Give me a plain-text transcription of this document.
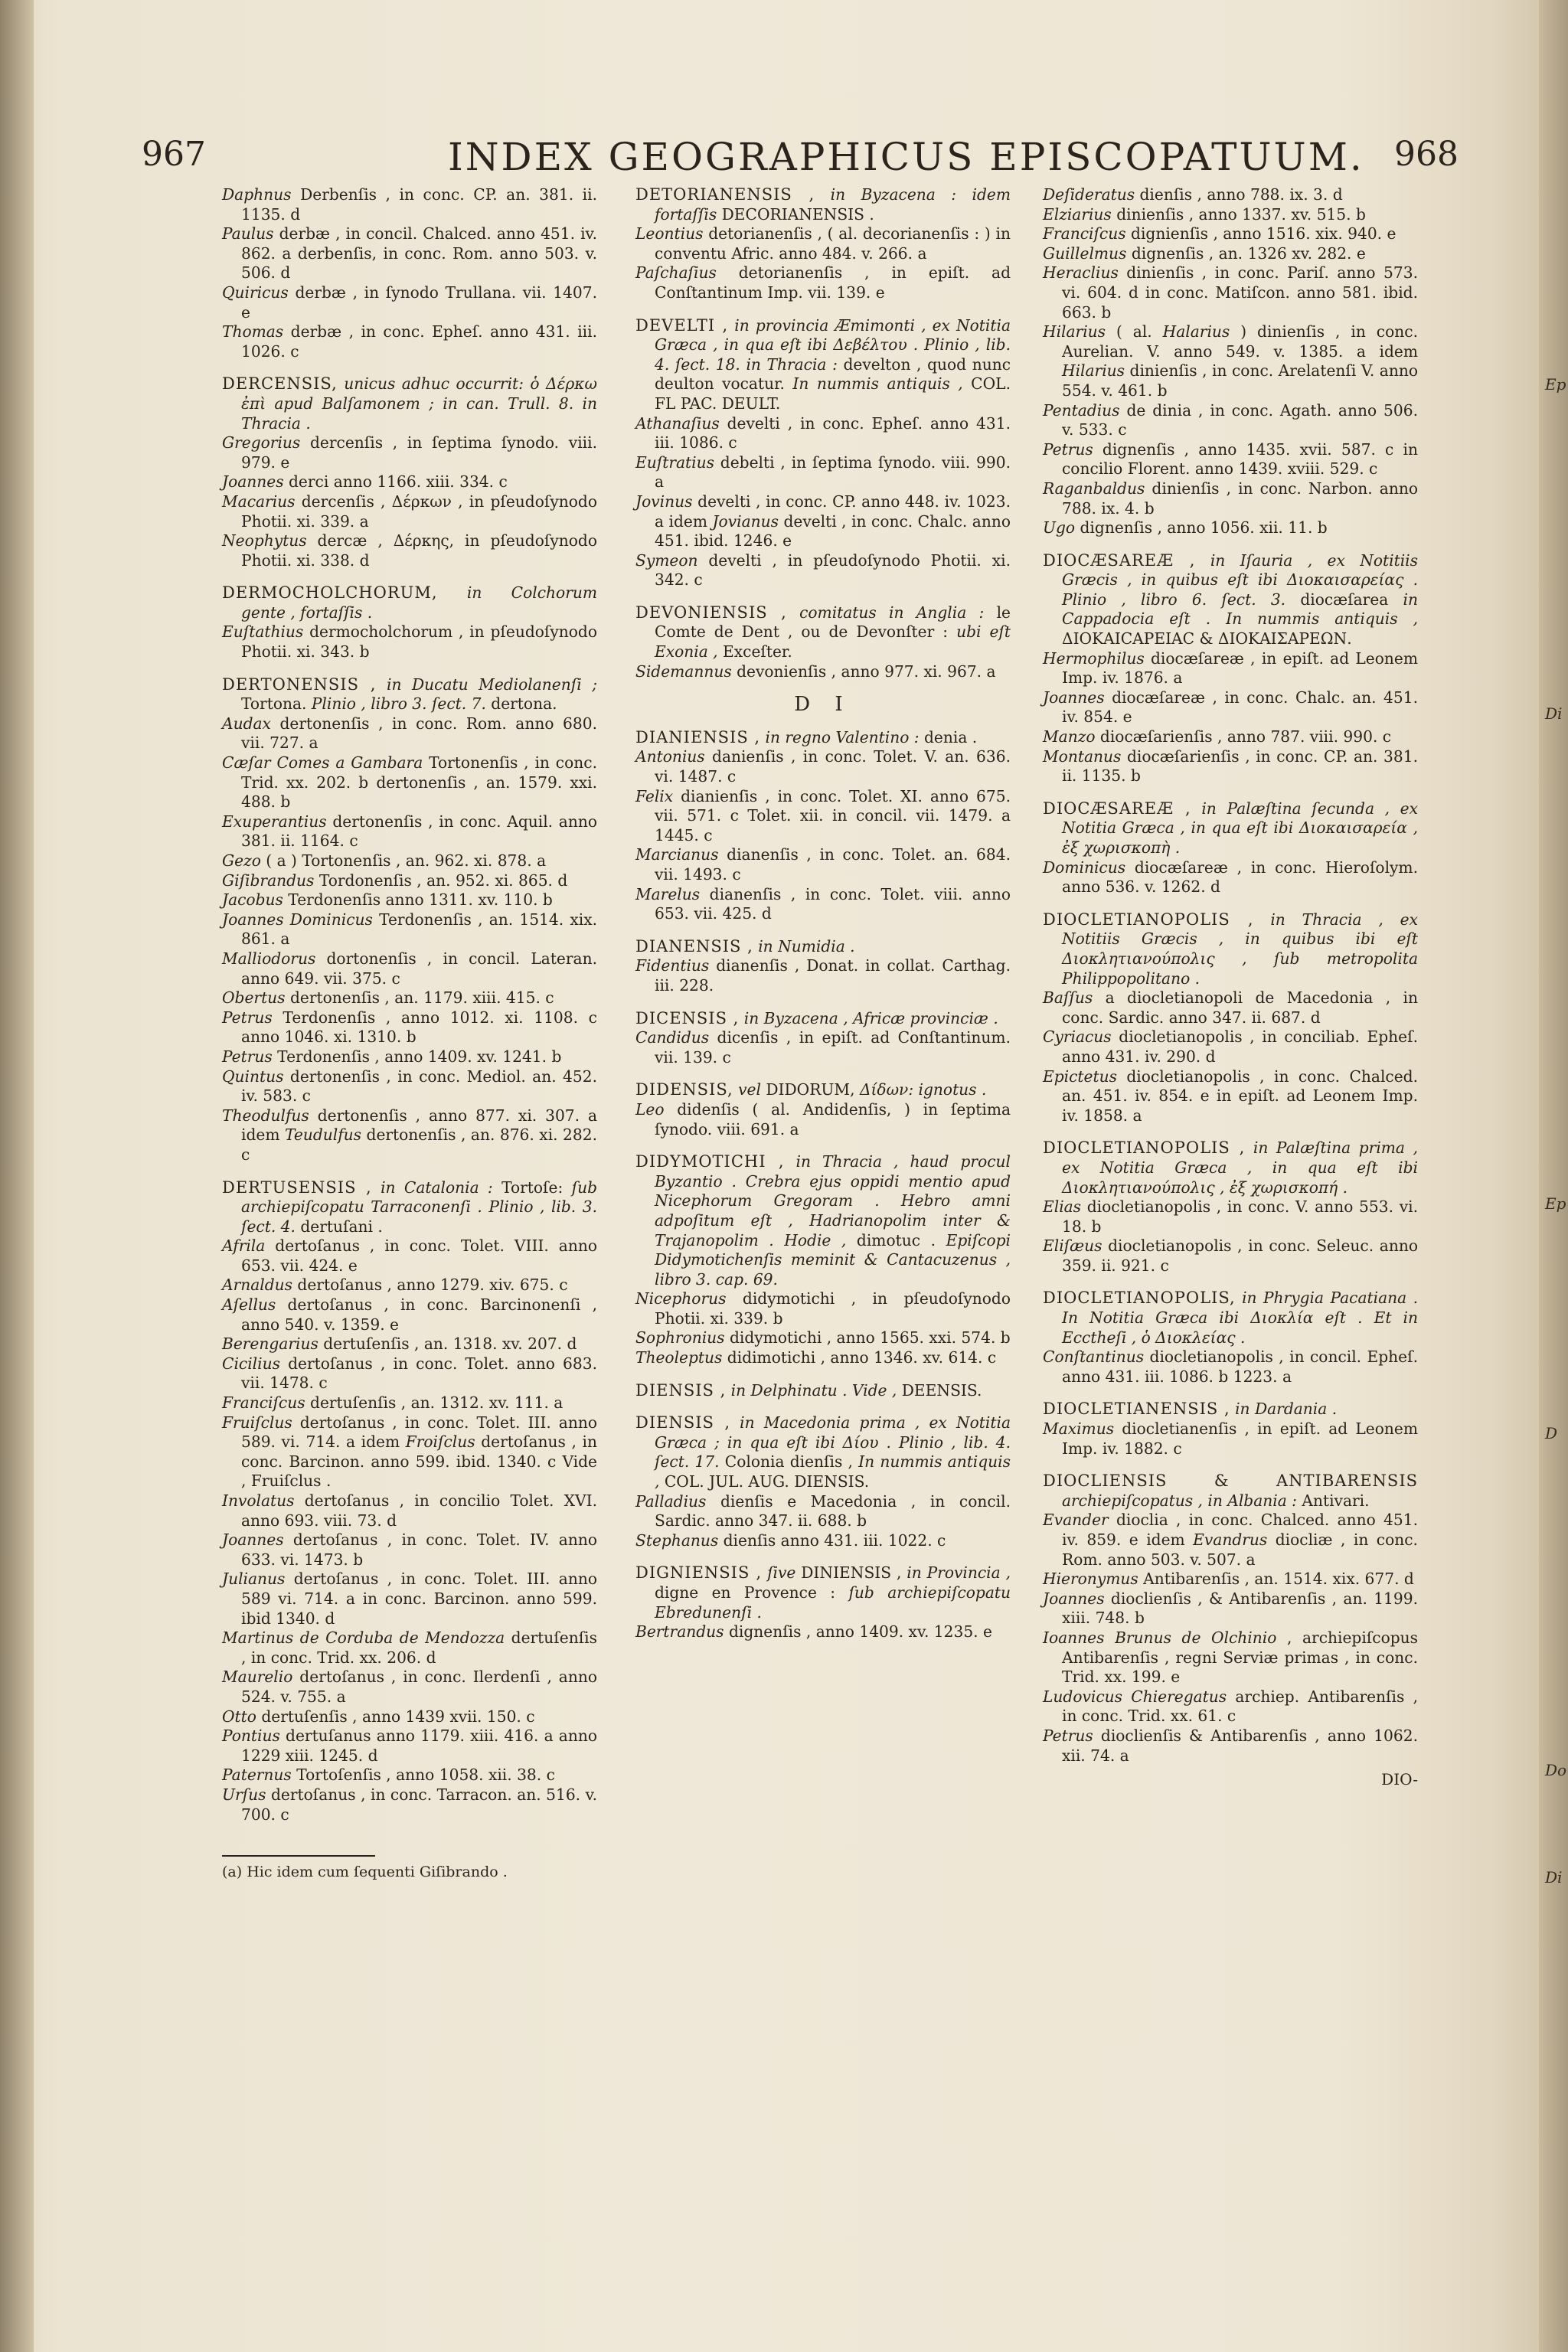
Ep
Di
Ep
D
Do
Di
967	INDEX GEOGRAPHICUS EPISCOPATUUM. 968

Daphnus Derbenſis , in conc. CP. an. 381. ii. 1135. d

Paulus derbæ , in concil. Chalced. anno 451. iv. 862. a derbenſis, in conc. Rom. anno 503. v. 506. d

Quiricus derbæ , in ſynodo Trullana. vii. 1407. e

Thomas derbæ , in conc. Epheſ. anno 431. iii. 1026. c

DERCENSIS, unicus adhuc occurrit: ὁ Δέρκω ἐπὶ apud Balſamonem ; in can. Trull. 8. in Thracia .

Gregorius dercenſis , in ſeptima ſynodo. viii. 979. e

Joannes derci anno 1166. xiii. 334. c

Macarius dercenſis , Δέρκων , in pſeudoſynodo Photii. xi. 339. a

Neophytus dercæ , Δέρκης, in pſeudoſynodo Photii. xi. 338. d

DERMOCHOLCHORUM, in Colchorum gente , fortaſſis .

Euſtathius dermocholchorum , in pſeudoſynodo Photii. xi. 343. b

DERTONENSIS , in Ducatu Mediolanenſi ; Tortona. Plinio , libro 3. ſect. 7. dertona.

Audax dertonenſis , in conc. Rom. anno 680. vii. 727. a

Cæſar Comes a Gambara Tortonenſis , in conc. Trid. xx. 202. b dertonenſis , an. 1579. xxi. 488. b

Exuperantius dertonenſis , in conc. Aquil. anno 381. ii. 1164. c

Gezo ( a ) Tortonenſis , an. 962. xi. 878. a

Giſibrandus Tordonenſis , an. 952. xi. 865. d

Jacobus Terdonenſis anno 1311. xv. 110. b

Joannes Dominicus Terdonenſis , an. 1514. xix. 861. a

Malliodorus dortonenſis , in concil. Lateran. anno 649. vii. 375. c

Obertus dertonenſis , an. 1179. xiii. 415. c

Petrus Terdonenſis , anno 1012. xi. 1108. c anno 1046. xi. 1310. b

Petrus Terdonenſis , anno 1409. xv. 1241. b

Quintus dertonenſis , in conc. Mediol. an. 452. iv. 583. c

Theodulfus dertonenſis , anno 877. xi. 307. a idem Teudulfus dertonenſis , an. 876. xi. 282. c

DERTUSENSIS , in Catalonia : Tortoſe: ſub archiepiſcopatu Tarraconenſi . Plinio , lib. 3. ſect. 4. dertuſani .

Afrila dertoſanus , in conc. Tolet. VIII. anno 653. vii. 424. e

Arnaldus dertoſanus , anno 1279. xiv. 675. c

Aſellus dertoſanus , in conc. Barcinonenſi , anno 540. v. 1359. e

Berengarius dertuſenſis , an. 1318. xv. 207. d

Cicilius dertoſanus , in conc. Tolet. anno 683. vii. 1478. c

Franciſcus dertuſenſis , an. 1312. xv. 111. a

Fruiſclus dertoſanus , in conc. Tolet. III. anno 589. vi. 714. a idem Froiſclus dertoſanus , in conc. Barcinon. anno 599. ibid. 1340. c Vide , Fruiſclus .

Involatus dertoſanus , in concilio Tolet. XVI. anno 693. viii. 73. d

Joannes dertoſanus , in conc. Tolet. IV. anno 633. vi. 1473. b

Julianus dertoſanus , in conc. Tolet. III. anno 589 vi. 714. a in conc. Barcinon. anno 599. ibid 1340. d

Martinus de Corduba de Mendozza dertuſenſis , in conc. Trid. xx. 206. d

Maurelio dertoſanus , in conc. Ilerdenſi , anno 524. v. 755. a

Otto dertuſenſis , anno 1439 xvii. 150. c

Pontius dertuſanus anno 1179. xiii. 416. a anno 1229 xiii. 1245. d

Paternus Tortoſenſis , anno 1058. xii. 38. c

Urſus dertoſanus , in conc. Tarracon. an. 516. v. 700. c

(a) Hic idem cum ſequenti Giſibrando .

DETORIANENSIS , in Byzacena : idem fortaſſis DECORIANENSIS .

Leontius detorianenſis , ( al. decorianenſis : ) in conventu Afric. anno 484. v. 266. a

Paſchaſius detorianenſis , in epiſt. ad Conſtantinum Imp. vii. 139. e

DEVELTI , in provincia Æmimonti , ex Notitia Græca , in qua eſt ibi Δεβέλτου . Plinio , lib. 4. ſect. 18. in Thracia : develton , quod nunc deulton vocatur. In nummis antiquis , COL. FL PAC. DEULT.

Athanaſius develti , in conc. Epheſ. anno 431. iii. 1086. c

Euſtratius debelti , in ſeptima ſynodo. viii. 990. a

Jovinus develti , in conc. CP. anno 448. iv. 1023. a idem Jovianus develti , in conc. Chalc. anno 451. ibid. 1246. e

Symeon develti , in pſeudoſynodo Photii. xi. 342. c

DEVONIENSIS , comitatus in Anglia : le Comte de Dent , ou de Devonſter : ubi eſt Exonia , Exceſter.

Sidemannus devonienſis , anno 977. xi. 967. a

D I

DIANIENSIS , in regno Valentino : denia .

Antonius danienſis , in conc. Tolet. V. an. 636. vi. 1487. c

Felix dianienſis , in conc. Tolet. XI. anno 675. vii. 571. c Tolet. xii. in concil. vii. 1479. a 1445. c

Marcianus dianenſis , in conc. Tolet. an. 684. vii. 1493. c

Marelus dianenſis , in conc. Tolet. viii. anno 653. vii. 425. d

DIANENSIS , in Numidia .

Fidentius dianenſis , Donat. in collat. Carthag. iii. 228.

DICENSIS , in Byzacena , Africæ provinciæ .

Candidus dicenſis , in epiſt. ad Conſtantinum. vii. 139. c

DIDENSIS, vel DIDORUM, Δίδων: ignotus .

Leo didenſis ( al. Andidenſis, ) in ſeptima ſynodo. viii. 691. a

DIDYMOTICHI , in Thracia , haud procul Byzantio . Crebra ejus oppidi mentio apud Nicephorum Gregoram . Hebro amni adpoſitum eſt , Hadrianopolim inter & Trajanopolim . Hodie , dimotuc . Epiſcopi Didymotichenſis meminit & Cantacuzenus , libro 3. cap. 69.

Nicephorus didymotichi , in pſeudoſynodo Photii. xi. 339. b

Sophronius didymotichi , anno 1565. xxi. 574. b

Theoleptus didimotichi , anno 1346. xv. 614. c

DIENSIS , in Delphinatu . Vide , DEENSIS.

DIENSIS , in Macedonia prima , ex Notitia Græca ; in qua eſt ibi Δίου . Plinio , lib. 4. ſect. 17. Colonia dienſis , In nummis antiquis , COL. JUL. AUG. DIENSIS.

Palladius dienſis e Macedonia , in concil. Sardic. anno 347. ii. 688. b

Stephanus dienſis anno 431. iii. 1022. c

DIGNIENSIS , ſive DINIENSIS , in Provincia , digne en Provence : ſub archiepiſcopatu Ebredunenſi .

Bertrandus dignenſis , anno 1409. xv. 1235. e

Deſideratus dienſis , anno 788. ix. 3. d

Elziarius dinienſis , anno 1337. xv. 515. b

Franciſcus dignienſis , anno 1516. xix. 940. e

Guillelmus dignenſis , an. 1326 xv. 282. e

Heraclius dinienſis , in conc. Pariſ. anno 573. vi. 604. d in conc. Matiſcon. anno 581. ibid. 663. b

Hilarius ( al. Halarius ) dinienſis , in conc. Aurelian. V. anno 549. v. 1385. a idem Hilarius dinienſis , in conc. Arelatenſi V. anno 554. v. 461. b

Pentadius de dinia , in conc. Agath. anno 506. v. 533. c

Petrus dignenſis , anno 1435. xvii. 587. c in concilio Florent. anno 1439. xviii. 529. c

Raganbaldus dinienſis , in conc. Narbon. anno 788. ix. 4. b

Ugo dignenſis , anno 1056. xii. 11. b

DIOCÆSAREÆ , in Iſauria , ex Notitiis Græcis , in quibus eſt ibi Διοκαισαρείας . Plinio , libro 6. ſect. 3. diocæſarea in Cappadocia eſt . In nummis antiquis , ΔΙΟΚΑΙCΑΡΕΙΑC & ΔΙΟΚΑΙΣΑΡΕΩΝ.

Hermophilus diocæſareæ , in epiſt. ad Leonem Imp. iv. 1876. a

Joannes diocæſareæ , in conc. Chalc. an. 451. iv. 854. e

Manzo diocæſarienſis , anno 787. viii. 990. c

Montanus diocæſarienſis , in conc. CP. an. 381. ii. 1135. b

DIOCÆSAREÆ , in Palæſtina ſecunda , ex Notitia Græca , in qua eſt ibi Διοκαισαρεία , ἐξ χωρισκοπὴ .

Dominicus diocæſareæ , in conc. Hieroſolym. anno 536. v. 1262. d

DIOCLETIANOPOLIS , in Thracia , ex Notitiis Græcis , in quibus ibi eſt Διοκλητιανούπολις , ſub metropolita Philippopolitano .

Baſſus a diocletianopoli de Macedonia , in conc. Sardic. anno 347. ii. 687. d

Cyriacus diocletianopolis , in conciliab. Epheſ. anno 431. iv. 290. d

Epictetus diocletianopolis , in conc. Chalced. an. 451. iv. 854. e in epiſt. ad Leonem Imp. iv. 1858. a

DIOCLETIANOPOLIS , in Palæſtina prima , ex Notitia Græca , in qua eſt ibi Διοκλητιανούπολις , ἐξ χωρισκοπή .

Elias diocletianopolis , in conc. V. anno 553. vi. 18. b

Eliſæus diocletianopolis , in conc. Seleuc. anno 359. ii. 921. c

DIOCLETIANOPOLIS, in Phrygia Pacatiana . In Notitia Græca ibi Διοκλία eſt . Et in Ecctheſi , ὁ Διοκλείας .

Conſtantinus diocletianopolis , in concil. Epheſ. anno 431. iii. 1086. b 1223. a

DIOCLETIANENSIS , in Dardania .

Maximus diocletianenſis , in epiſt. ad Leonem Imp. iv. 1882. c

DIOCLIENSIS & ANTIBARENSIS archiepiſcopatus , in Albania : Antivari.

Evander dioclia , in conc. Chalced. anno 451. iv. 859. e idem Evandrus diocliæ , in conc. Rom. anno 503. v. 507. a

Hieronymus Antibarenſis , an. 1514. xix. 677. d

Joannes dioclienſis , & Antibarenſis , an. 1199. xiii. 748. b

Ioannes Brunus de Olchinio , archiepiſcopus Antibarenſis , regni Serviæ primas , in conc. Trid. xx. 199. e

Ludovicus Chieregatus archiep. Antibarenſis , in conc. Trid. xx. 61. c

Petrus dioclienſis & Antibarenſis , anno 1062. xii. 74. a

DIO-
